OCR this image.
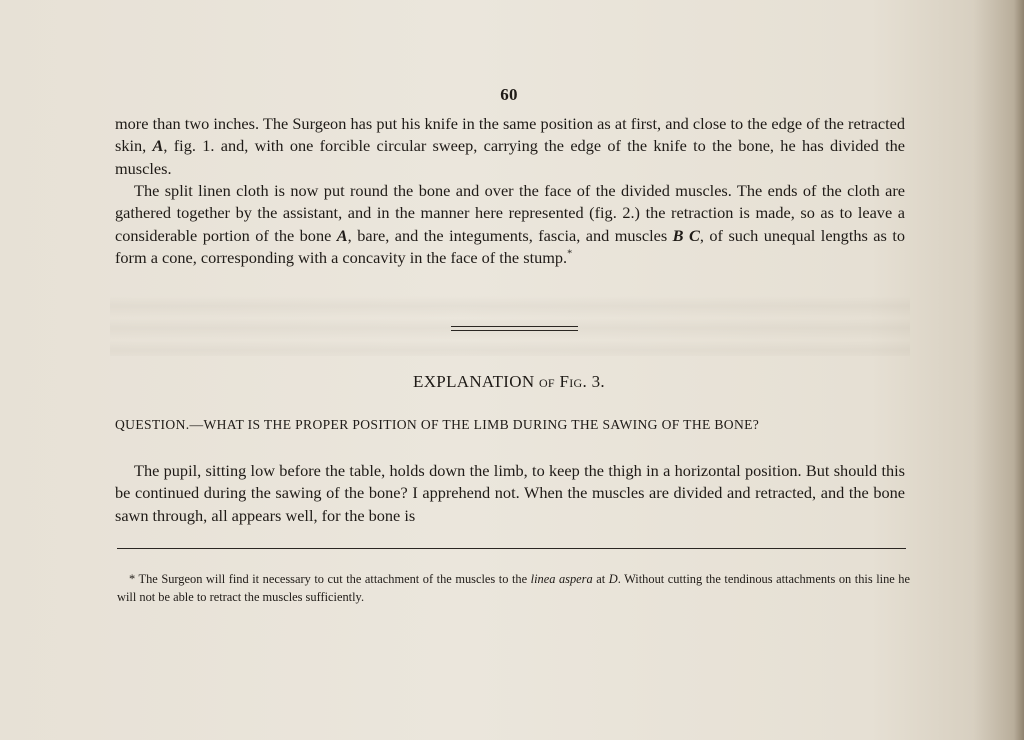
60

more than two inches. The Surgeon has put his knife in the same position as at first, and close to the edge of the retracted skin, A, fig. 1. and, with one forcible circular sweep, carrying the edge of the knife to the bone, he has divided the muscles.

The split linen cloth is now put round the bone and over the face of the divided muscles. The ends of the cloth are gathered together by the assistant, and in the manner here represented (fig. 2.) the retraction is made, so as to leave a considerable portion of the bone A, bare, and the integuments, fascia, and muscles B C, of such unequal lengths as to form a cone, corresponding with a concavity in the face of the stump.*

EXPLANATION of Fig. 3.
QUESTION.—WHAT IS THE PROPER POSITION OF THE LIMB DURING THE SAWING OF THE BONE?

The pupil, sitting low before the table, holds down the limb, to keep the thigh in a horizontal position. But should this be continued during the sawing of the bone? I apprehend not. When the muscles are divided and retracted, and the bone sawn through, all appears well, for the bone is

* The Surgeon will find it necessary to cut the attachment of the muscles to the linea aspera at D. Without cutting the tendinous attachments on this line he will not be able to retract the muscles sufficiently.
